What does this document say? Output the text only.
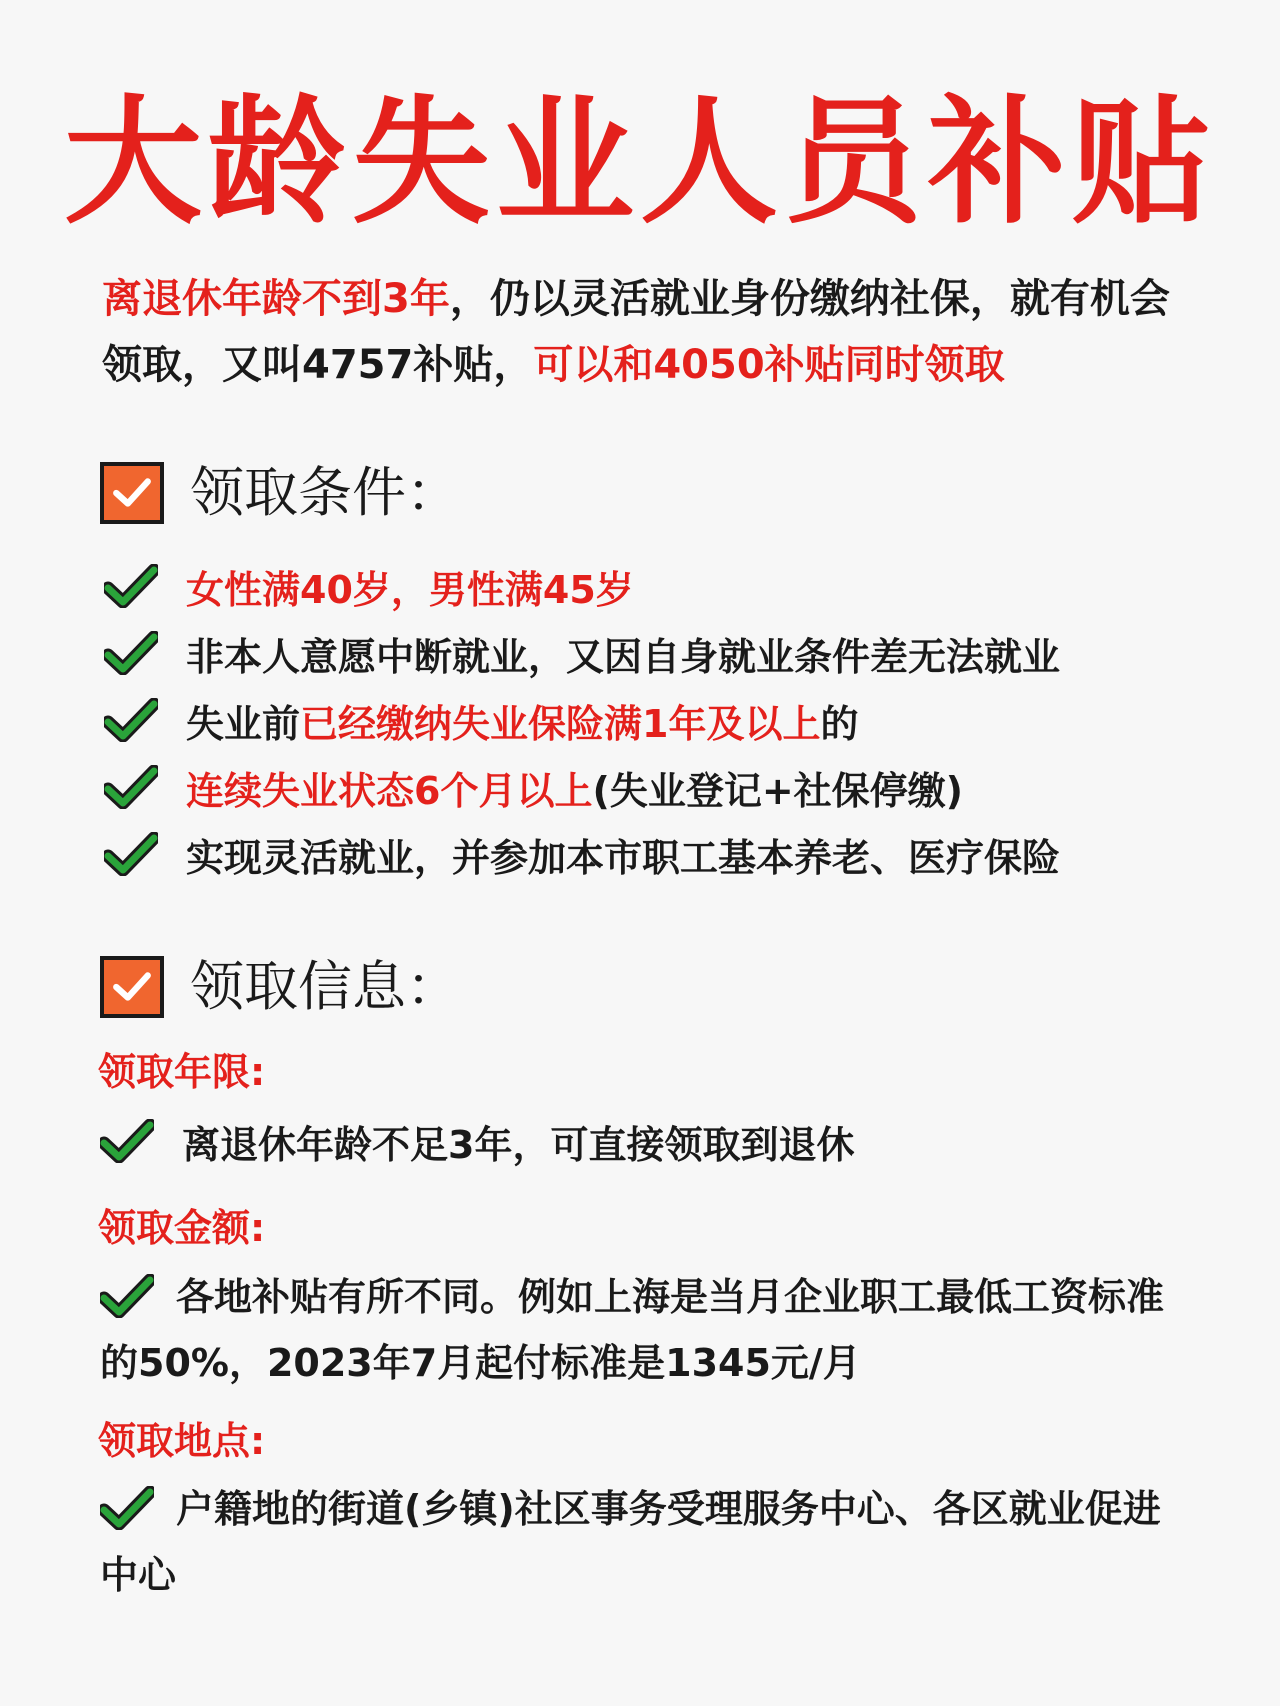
大龄失业人员补贴
离退休年龄不到3年，仍以灵活就业身份缴纳社保，就有机会领取，又叫4757补贴，可以和4050补贴同时领取
领取条件：
女性满40岁，男性满45岁
非本人意愿中断就业，又因自身就业条件差无法就业
失业前 已经缴纳失业保险满1年及以上 的
连续失业状态6个月以上 (失业登记+社保停缴)
实现灵活就业，并参加本市职工基本养老、医疗保险
领取信息：
领取年限:
离退休年龄不足3年，可直接领取到退休
领取金额:
各地补贴有所不同。例如上海是当月企业职工最低工资标准的50%，2023年7月起付标准是1345元/月
领取地点:
户籍地的街道(乡镇)社区事务受理服务中心、各区就业促进中心
